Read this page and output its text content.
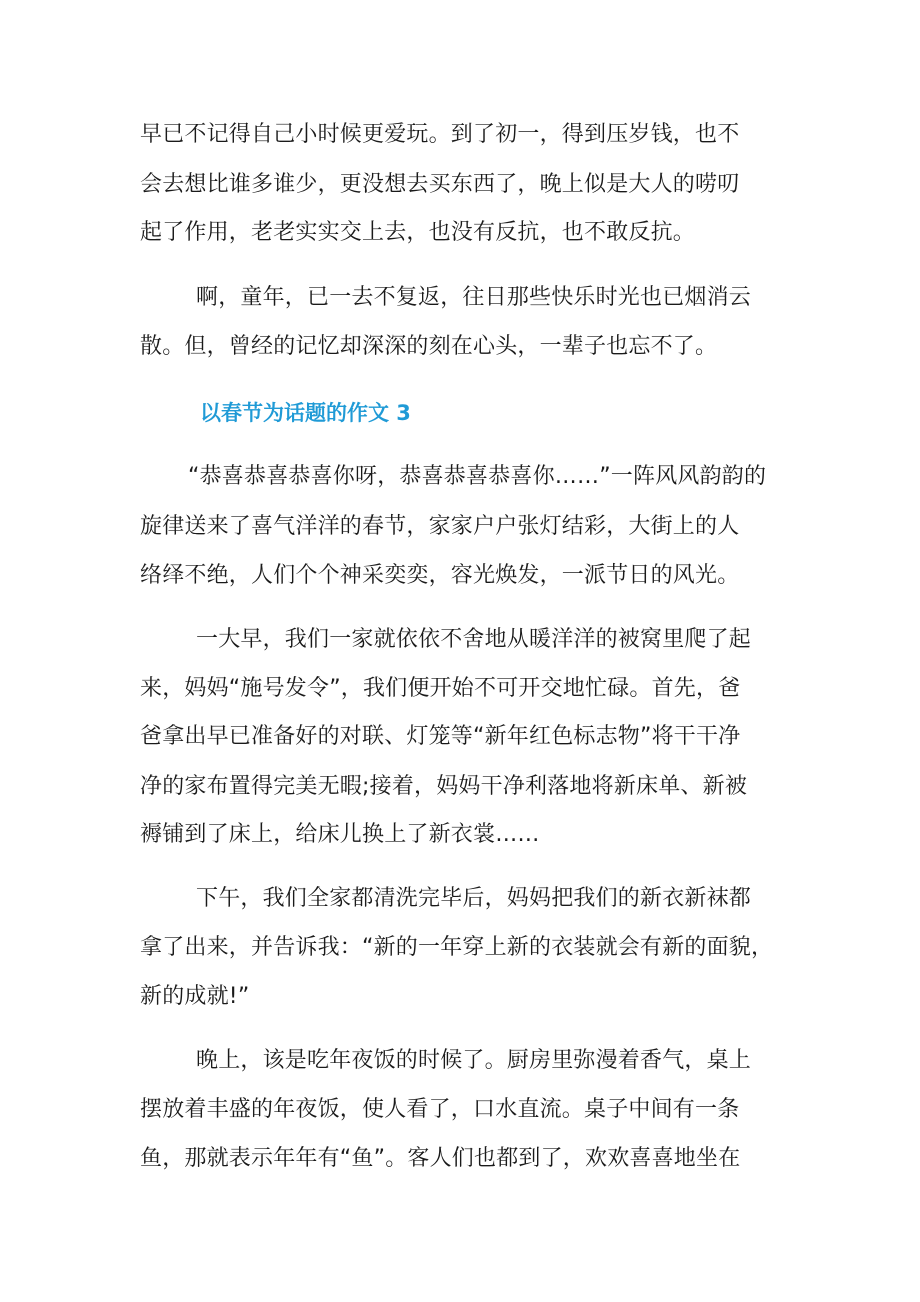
早已不记得自己小时候更爱玩。到了初一，得到压岁钱，也不
会去想比谁多谁少，更没想去买东西了，晚上似是大人的唠叨
起了作用，老老实实交上去，也没有反抗，也不敢反抗。
啊，童年，已一去不复返，往日那些快乐时光也已烟消云
散。但，曾经的记忆却深深的刻在心头，一辈子也忘不了。
以春节为话题的作文 3
“恭喜恭喜恭喜你呀，恭喜恭喜恭喜你……”一阵风风韵韵的
旋律送来了喜气洋洋的春节，家家户户张灯结彩，大街上的人
络绎不绝，人们个个神采奕奕，容光焕发，一派节日的风光。
一大早，我们一家就依依不舍地从暖洋洋的被窝里爬了起
来，妈妈“施号发令”，我们便开始不可开交地忙碌。首先，爸
爸拿出早已准备好的对联、灯笼等“新年红色标志物”将干干净
净的家布置得完美无暇;接着，妈妈干净利落地将新床单、新被
褥铺到了床上，给床儿换上了新衣裳……
下午，我们全家都清洗完毕后，妈妈把我们的新衣新袜都
拿了出来，并告诉我：“新的一年穿上新的衣装就会有新的面貌，
新的成就!”
晚上，该是吃年夜饭的时候了。厨房里弥漫着香气，桌上
摆放着丰盛的年夜饭，使人看了，口水直流。桌子中间有一条
鱼，那就表示年年有“鱼”。客人们也都到了，欢欢喜喜地坐在
